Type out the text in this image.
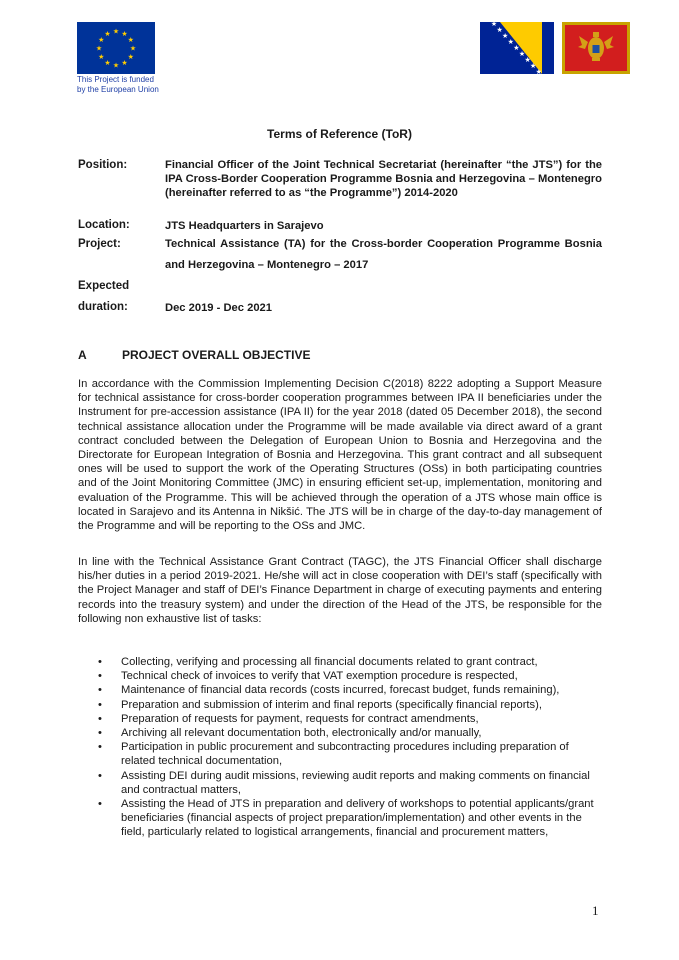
★
★
★
★
★
★
★
★
★ ★ ★
★
This Project is funded
by the European Union
★
★
★
★
★
★
★
★
★
Terms of Reference (ToR)
Position:	Financial Officer of the Joint Technical Secretariat (hereinafter “the JTS”) for the IPA Cross-Border Cooperation Programme Bosnia and Herzegovina – Montenegro (hereinafter referred to as “the Programme”) 2014-2020
Location:	JTS Headquarters in Sarajevo
Project:	Technical Assistance (TA) for the Cross-border Cooperation Programme Bosnia and Herzegovina – Montenegro – 2017
Expected
duration:	Dec 2019 - Dec 2021
A	PROJECT OVERALL OBJECTIVE
In accordance with the Commission Implementing Decision C(2018) 8222 adopting a Support Measure for technical assistance for cross-border cooperation programmes between IPA II beneficiaries under the Instrument for pre-accession assistance (IPA II) for the year 2018 (dated 05 December 2018), the second technical assistance allocation under the Programme will be made available via direct award of a grant contract concluded between the Delegation of European Union to Bosnia and Herzegovina and the Directorate for European Integration of Bosnia and Herzegovina. This grant contract and all subsequent ones will be used to support the work of the Operating Structures (OSs) in both participating countries and of the Joint Monitoring Committee (JMC) in ensuring efficient set-up, implementation, monitoring and evaluation of the Programme. This will be achieved through the operation of a JTS whose main office is located in Sarajevo and its Antenna in Nikšić. The JTS will be in charge of the day-to-day management of the Programme and will be reporting to the OSs and JMC.
In line with the Technical Assistance Grant Contract (TAGC), the JTS Financial Officer shall discharge his/her duties in a period 2019-2021. He/she will act in close cooperation with DEI’s staff (specifically with the Project Manager and staff of DEI’s Finance Department in charge of executing payments and entering records into the treasury system) and under the direction of the Head of the JTS, be responsible for the following non exhaustive list of tasks:
• Collecting, verifying and processing all financial documents related to grant contract,
• Technical check of invoices to verify that VAT exemption procedure is respected,
• Maintenance of financial data records (costs incurred, forecast budget, funds remaining),
• Preparation and submission of interim and final reports (specifically financial reports),
• Preparation of requests for payment, requests for contract amendments,
• Archiving all relevant documentation both, electronically and/or manually,
• Participation in public procurement and subcontracting procedures including preparation of related technical documentation,
• Assisting DEI during audit missions, reviewing audit reports and making comments on financial and contractual matters,
• Assisting the Head of JTS in preparation and delivery of workshops to potential applicants/grant beneficiaries (financial aspects of project preparation/implementation) and other events in the field, particularly related to logistical arrangements, financial and procurement matters,
1
